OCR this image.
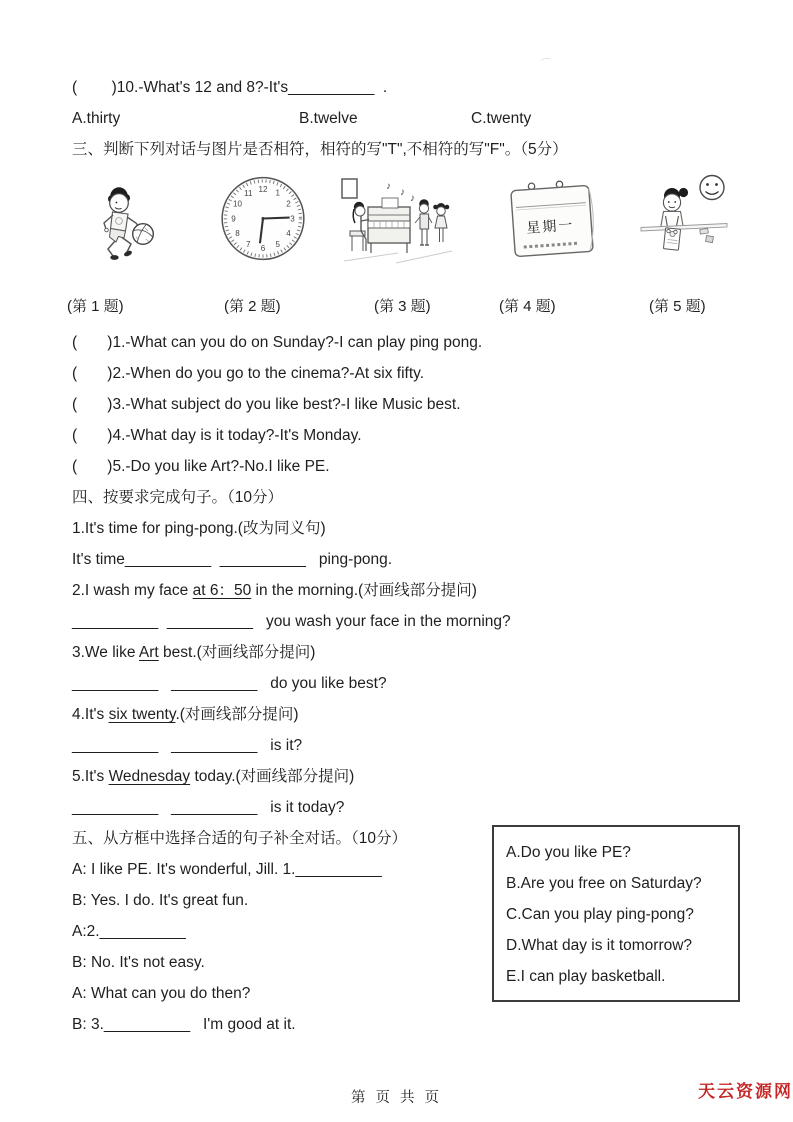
(        )10.-What's 12 and 8?-It's__________  .
A.thirty	B.twelve	C.twenty
三、判断下列对话与图片是否相符，相符的写"T",不相符的写"F"。（5分）
12 1
2
3
4
5
6
7
8
9
10
11
♪
♪
♪
星期一
(第 1 题)	(第 2 题)	(第 3 题)	(第 4 题)	(第 5 题)
(       )1.-What can you do on Sunday?-I can play ping pong.
(       )2.-When do you go to the cinema?-At six fifty.
(       )3.-What subject do you like best?-I like Music best.
(       )4.-What day is it today?-It's Monday.
(       )5.-Do you like Art?-No.I like PE.
四、按要求完成句子。（10分）
1.It's time for ping-pong.(改为同义句)
It's time__________  __________   ping-pong.
2.I wash my face at 6：50 in the morning.(对画线部分提问)
__________  __________   you wash your face in the morning?
3.We like Art best.(对画线部分提问)
__________   __________   do you like best?
4.It's six twenty.(对画线部分提问)
__________   __________   is it?
5.It's Wednesday today.(对画线部分提问)
__________   __________   is it today?
五、从方框中选择合适的句子补全对话。（10分）
A: I like PE. It's wonderful, Jill. 1.__________
B: Yes. I do. It's great fun.
A:2.__________
B: No. It's not easy.
A: What can you do then?
B: 3.__________   I'm good at it.
A.Do you like PE?
B.Are you free on Saturday?
C.Can you play ping-pong?
D.What day is it tomorrow?
E.I can play basketball.
第 页 共 页	天云资源网
